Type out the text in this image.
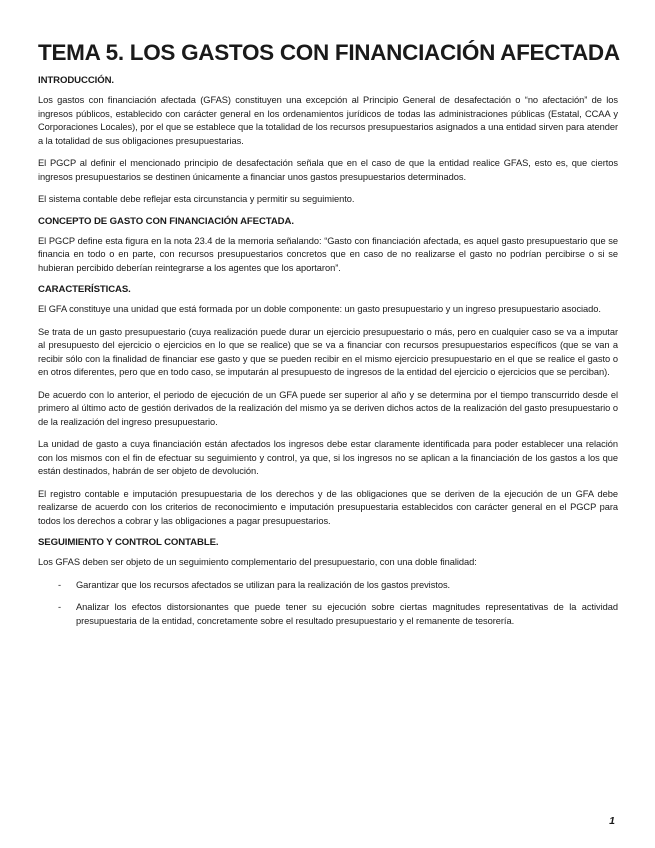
TEMA 5. LOS GASTOS CON FINANCIACIÓN AFECTADA
INTRODUCCIÓN.

Los gastos con financiación afectada (GFAS) constituyen una excepción al Principio General de desafectación o “no afectación” de los ingresos públicos, establecido con carácter general en los ordenamientos jurídicos de todas las administraciones públicas (Estatal, CCAA y Corporaciones Locales), por el que se establece que la totalidad de los recursos presupuestarios asignados a una entidad sirven para atender a la totalidad de sus obligaciones presupuestarias.

El PGCP al definir el mencionado principio de desafectación señala que en el caso de que la entidad realice GFAS, esto es, que ciertos ingresos presupuestarios se destinen únicamente a financiar unos gastos presupuestarios determinados.

El sistema contable debe reflejar esta circunstancia y permitir su seguimiento.

CONCEPTO DE GASTO CON FINANCIACIÓN AFECTADA.

El PGCP define esta figura en la nota 23.4 de la memoria señalando: “Gasto con financiación afectada, es aquel gasto presupuestario que se financia en todo o en parte, con recursos presupuestarios concretos que en caso de no realizarse el gasto no podrían percibirse o si se hubieran percibido deberían reintegrarse a los agentes que los aportaron”.

CARACTERÍSTICAS.

El GFA constituye una unidad que está formada por un doble componente: un gasto presupuestario y un ingreso presupuestario asociado.

Se trata de un gasto presupuestario (cuya realización puede durar un ejercicio presupuestario o más, pero en cualquier caso se va a imputar al presupuesto del ejercicio o ejercicios en lo que se realice) que se va a financiar con recursos presupuestarios específicos (que se van a recibir sólo con la finalidad de financiar ese gasto y que se pueden recibir en el mismo ejercicio presupuestario en el que se realice el gasto o en otros diferentes, pero que en todo caso, se imputarán al presupuesto de ingresos de la entidad del ejercicio o ejercicios que se perciban).

De acuerdo con lo anterior, el periodo de ejecución de un GFA puede ser superior al año y se determina por el tiempo transcurrido desde el primero al último acto de gestión derivados de la realización del mismo ya se deriven dichos actos de la realización del gasto presupuestario o de la realización del ingreso presupuestario.

La unidad de gasto a cuya financiación están afectados los ingresos debe estar claramente identificada para poder establecer una relación con los mismos con el fin de efectuar su seguimiento y control, ya que, si los ingresos no se aplican a la financiación de los gastos a los que están destinados, habrán de ser objeto de devolución.

El registro contable e imputación presupuestaria de los derechos y de las obligaciones que se deriven de la ejecución de un GFA debe realizarse de acuerdo con los criterios de reconocimiento e imputación presupuestaria establecidos con carácter general en el PGCP para todos los derechos a cobrar y las obligaciones a pagar presupuestarios.

SEGUIMIENTO Y CONTROL CONTABLE.

Los GFAS deben ser objeto de un seguimiento complementario del presupuestario, con una doble finalidad:

- Garantizar que los recursos afectados se utilizan para la realización de los gastos previstos.
- Analizar los efectos distorsionantes que puede tener su ejecución sobre ciertas magnitudes representativas de la actividad presupuestaria de la entidad, concretamente sobre el resultado presupuestario y el remanente de tesorería.
1
